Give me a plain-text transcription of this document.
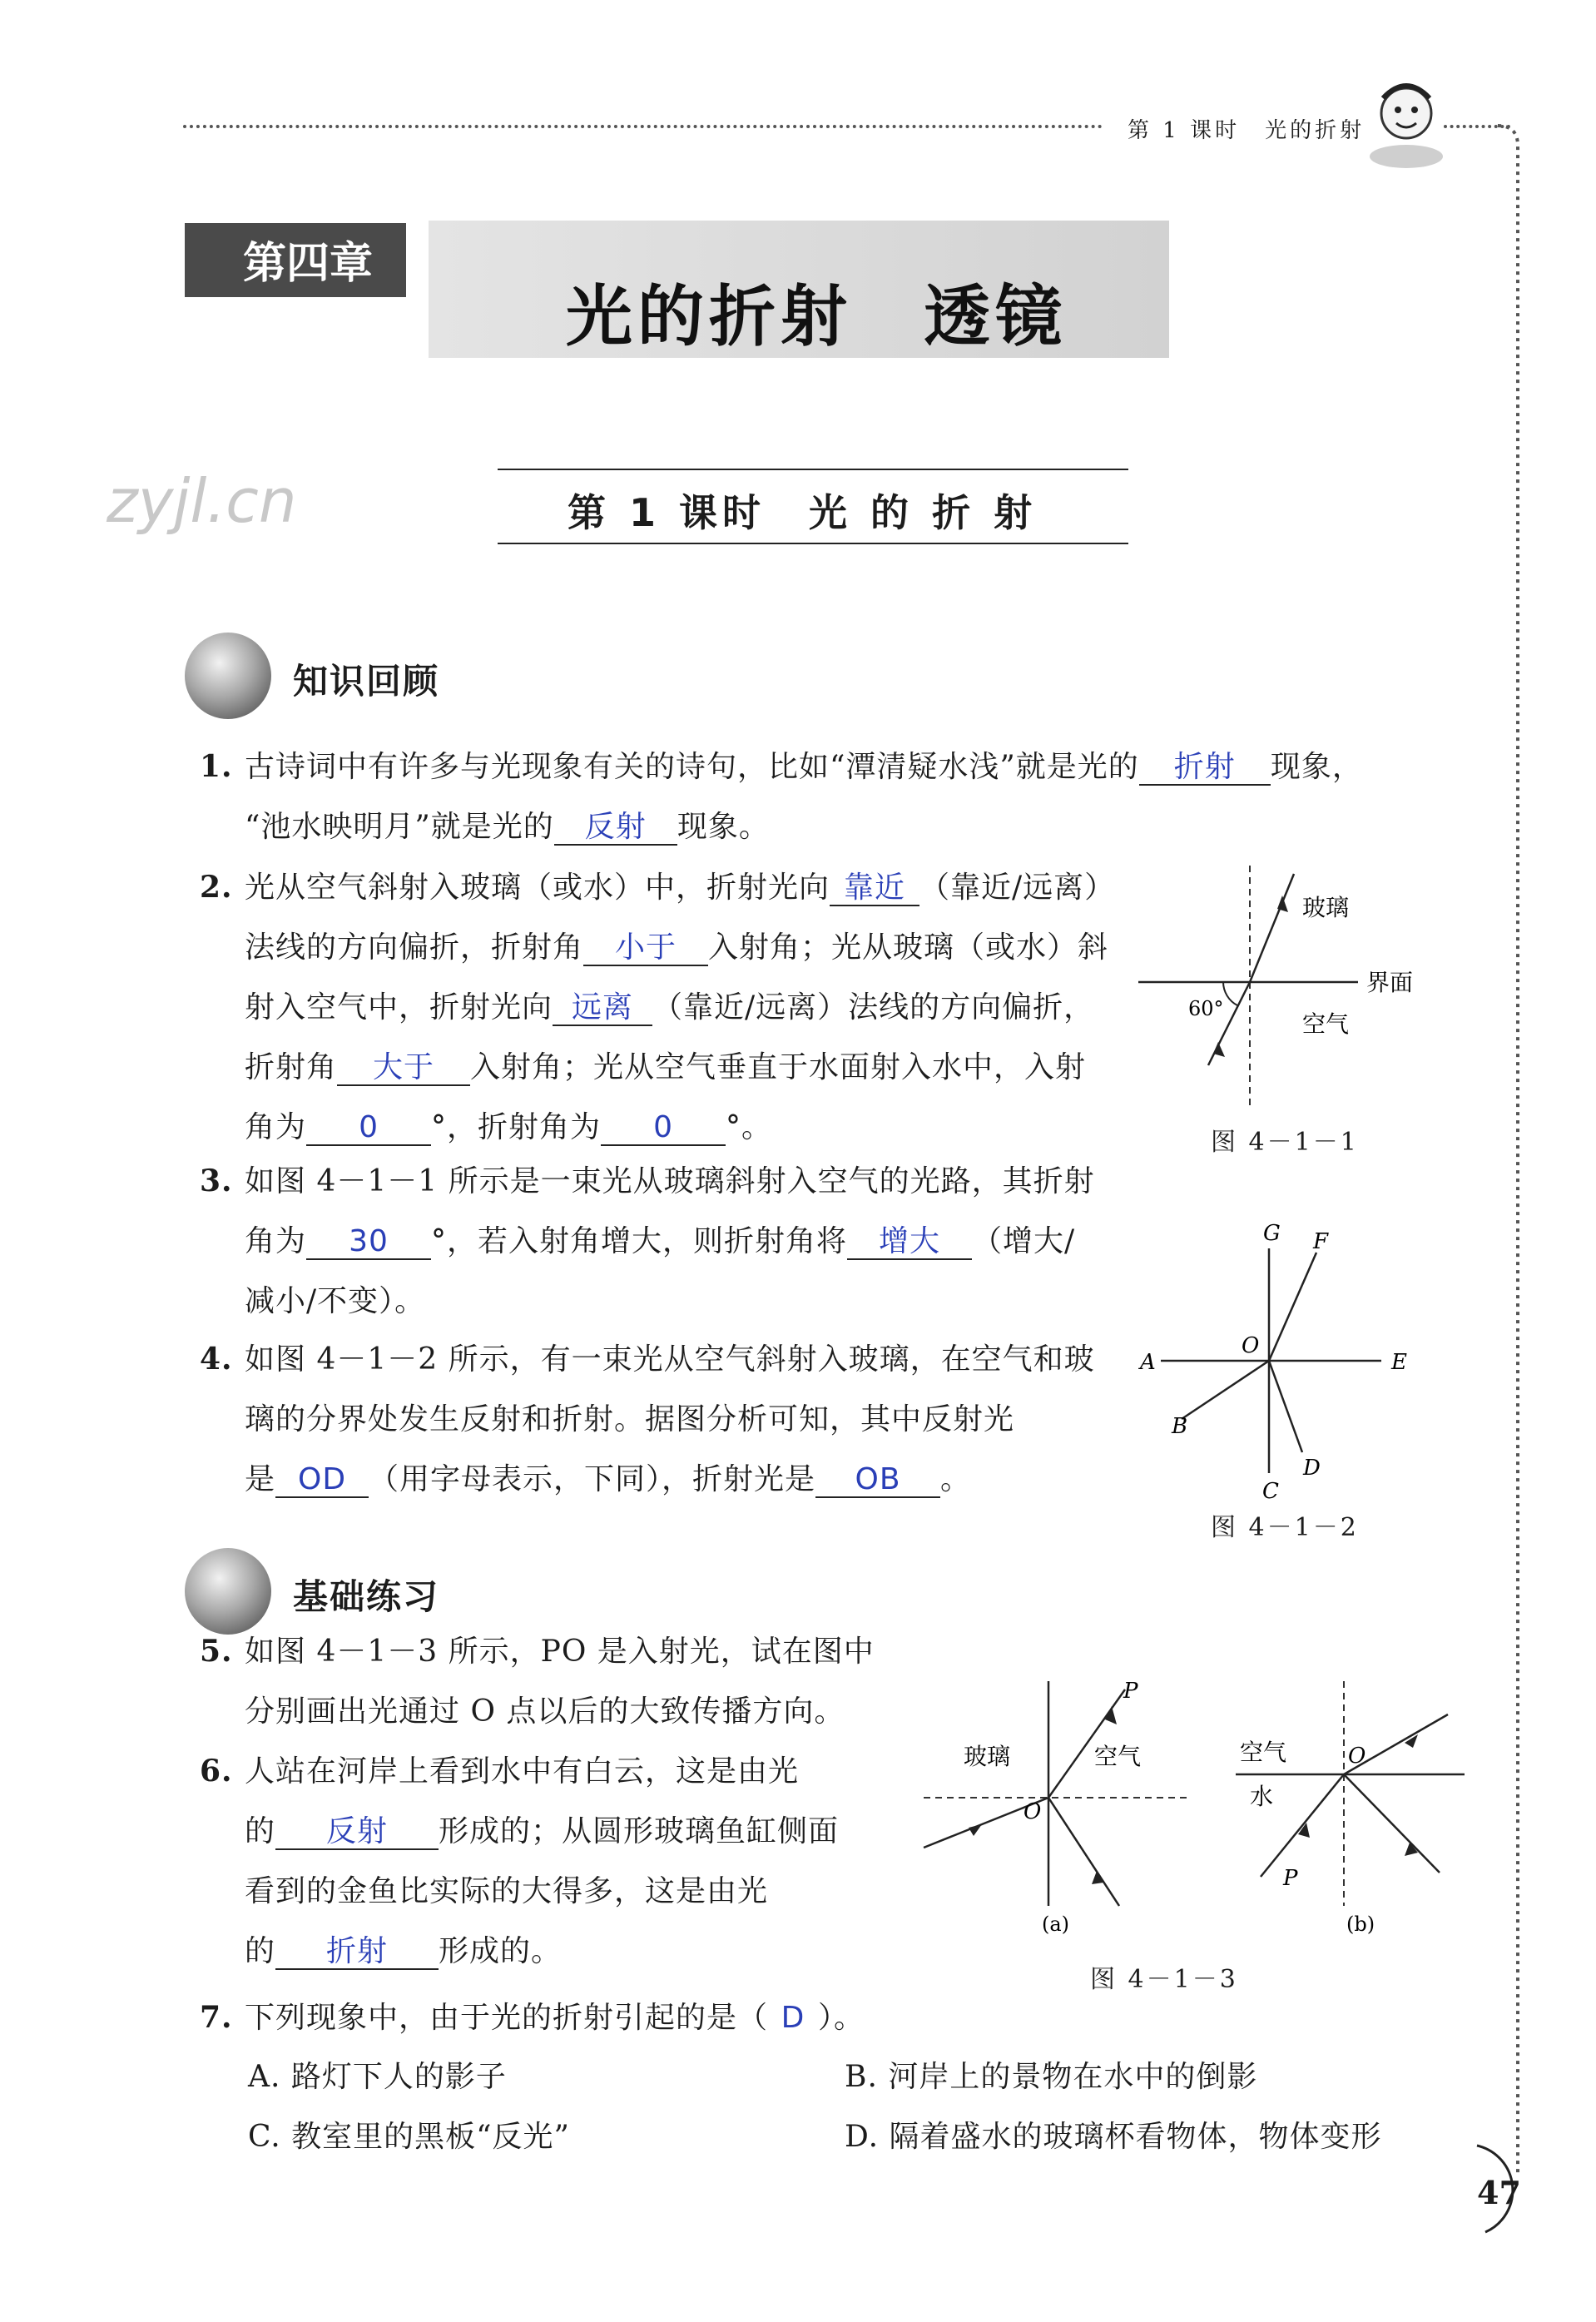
第 1 课时　光的折射
zyjl.cn
第四章
光的折射　透镜
第 1 课时　光 的 折 射
知识回顾
1. 古诗词中有许多与光现象有关的诗句，比如“潭清疑水浅”就是光的 折射 现象，
“池水映明月”就是光的 反射 现象。
2. 光从空气斜射入玻璃（或水）中，折射光向 靠近 （靠近/远离）
法线的方向偏折，折射角 小于 入射角；光从玻璃（或水）斜
射入空气中，折射光向 远离 （靠近/远离）法线的方向偏折，
折射角 大于 入射角；光从空气垂直于水面射入水中，入射
角为 0 °，折射角为 0 °。
玻璃
界面
空气
60°
图 4－1－1
3. 如图 4－1－1 所示是一束光从玻璃斜射入空气的光路，其折射
角为 30 °，若入射角增大，则折射角将 增大 （增大/
减小/不变）。
G F
A
O
E
B
C
D
图 4－1－2
4. 如图 4－1－2 所示，有一束光从空气斜射入玻璃，在空气和玻
璃的分界处发生反射和折射。据图分析可知，其中反射光
是 OD （用字母表示，下同），折射光是 OB 。
基础练习
5. 如图 4－1－3 所示，PO 是入射光，试在图中
分别画出光通过 O 点以后的大致传播方向。
6. 人站在河岸上看到水中有白云，这是由光
的 反射 形成的；从圆形玻璃鱼缸侧面
看到的金鱼比实际的大得多，这是由光
的 折射 形成的。
玻璃	空气
P
O
(a)
空气
水
O
P
(b)
图 4－1－3
7. 下列现象中，由于光的折射引起的是（ D ）。
A. 路灯下人的影子	B. 河岸上的景物在水中的倒影
C. 教室里的黑板“反光”	D. 隔着盛水的玻璃杯看物体，物体变形
47
